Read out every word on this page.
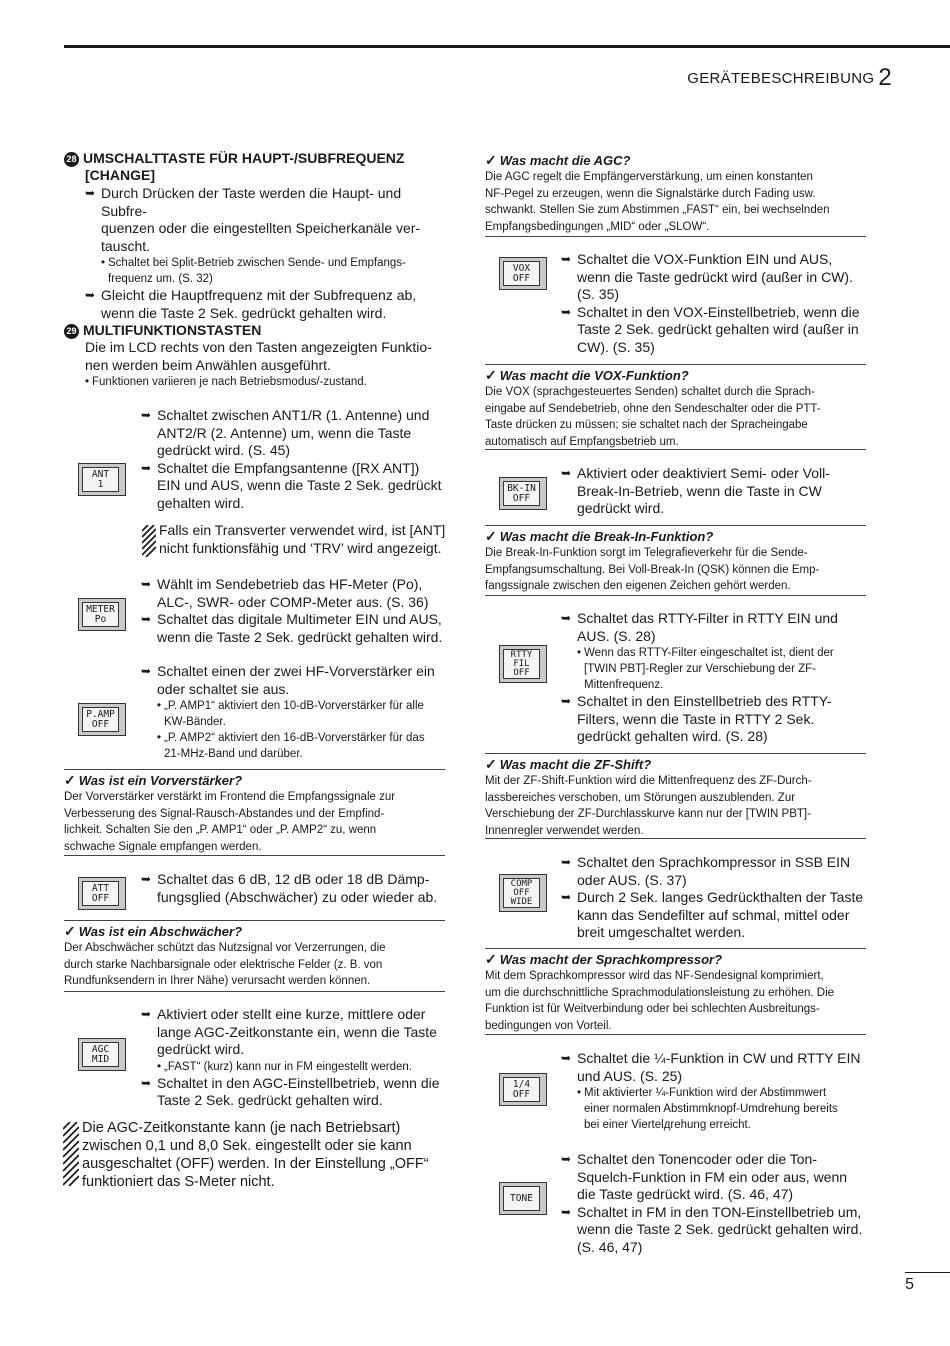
GERÄTEBESCHREIBUNG 2
28 UMSCHALTTASTE FÜR HAUPT-/SUBFREQUENZ
[CHANGE]
➥ Durch Drücken der Taste werden die Haupt- und Subfre-
quenzen oder die eingestellten Speicherkanäle ver-
tauscht.
• Schaltet bei Split-Betrieb zwischen Sende- und Empfangs-
frequenz um. (S. 32)
➥ Gleicht die Hauptfrequenz mit der Subfrequenz ab,
wenn die Taste 2 Sek. gedrückt gehalten wird.
29 MULTIFUNKTIONSTASTEN
Die im LCD rechts von den Tasten angezeigten Funktio-
nen werden beim Anwählen ausgeführt.
• Funktionen variieren je nach Betriebsmodus/-zustand.
ANT
1
➥ Schaltet zwischen ANT1/R (1. Antenne) und
ANT2/R (2. Antenne) um, wenn die Taste
gedrückt wird. (S. 45)
➥ Schaltet die Empfangsantenne ([RX ANT])
EIN und AUS, wenn die Taste 2 Sek. gedrückt
gehalten wird.
Falls ein Transverter verwendet wird, ist [ANT]
nicht funktionsfähig und ‘TRV’ wird angezeigt.
METER
Po
➥ Wählt im Sendebetrieb das HF-Meter (Po),
ALC-, SWR- oder COMP-Meter aus. (S. 36)
➥ Schaltet das digitale Multimeter EIN und AUS,
wenn die Taste 2 Sek. gedrückt gehalten wird.
P.AMP
OFF
➥ Schaltet einen der zwei HF-Vorverstärker ein
oder schaltet sie aus.
• „P. AMP1“ aktiviert den 10-dB-Vorverstärker für alle
KW-Bänder.
• „P. AMP2“ aktiviert den 16-dB-Vorverstärker für das
21-MHz-Band und darüber.
✓ Was ist ein Vorverstärker?
Der Vorverstärker verstärkt im Frontend die Empfangssignale zur
Verbesserung des Signal-Rausch-Abstandes und der Empfind-
lichkeit. Schalten Sie den „P. AMP1“ oder „P. AMP2“ zu, wenn
schwache Signale empfangen werden.
ATT
OFF
➥ Schaltet das 6 dB, 12 dB oder 18 dB Dämp-
fungsglied (Abschwächer) zu oder wieder ab.
✓ Was ist ein Abschwächer?
Der Abschwächer schützt das Nutzsignal vor Verzerrungen, die
durch starke Nachbarsignale oder elektrische Felder (z. B. von
Rundfunksendern in Ihrer Nähe) verursacht werden können.
AGC
MID
➥ Aktiviert oder stellt eine kurze, mittlere oder
lange AGC-Zeitkonstante ein, wenn die Taste
gedrückt wird.
• „FAST“ (kurz) kann nur in FM eingestellt werden.
➥ Schaltet in den AGC-Einstellbetrieb, wenn die
Taste 2 Sek. gedrückt gehalten wird.
Die AGC-Zeitkonstante kann (je nach Betriebsart)
zwischen 0,1 und 8,0 Sek. eingestellt oder sie kann
ausgeschaltet (OFF) werden. In der Einstellung „OFF“
funktioniert das S-Meter nicht.
✓ Was macht die AGC?
Die AGC regelt die Empfängerverstärkung, um einen konstanten
NF-Pegel zu erzeugen, wenn die Signalstärke durch Fading usw.
schwankt. Stellen Sie zum Abstimmen „FAST“ ein, bei wechselnden
Empfangsbedingungen „MID“ oder „SLOW“.
VOX
OFF
➥ Schaltet die VOX-Funktion EIN und AUS,
wenn die Taste gedrückt wird (außer in CW).
(S. 35)
➥ Schaltet in den VOX-Einstellbetrieb, wenn die
Taste 2 Sek. gedrückt gehalten wird (außer in
CW). (S. 35)
✓ Was macht die VOX-Funktion?
Die VOX (sprachgesteuertes Senden) schaltet durch die Sprach-
eingabe auf Sendebetrieb, ohne den Sendeschalter oder die PTT-
Taste drücken zu müssen; sie schaltet nach der Spracheingabe
automatisch auf Empfangsbetrieb um.
BK-IN
OFF
➥ Aktiviert oder deaktiviert Semi- oder Voll-
Break-In-Betrieb, wenn die Taste in CW
gedrückt wird.
✓ Was macht die Break-In-Funktion?
Die Break-In-Funktion sorgt im Telegrafieverkehr für die Sende-
Empfangsumschaltung. Bei Voll-Break-In (QSK) können die Emp-
fangssignale zwischen den eigenen Zeichen gehört werden.
RTTY
FIL
OFF
➥ Schaltet das RTTY-Filter in RTTY EIN und
AUS. (S. 28)
• Wenn das RTTY-Filter eingeschaltet ist, dient der
[TWIN PBT]-Regler zur Verschiebung der ZF-
Mittenfrequenz.
➥ Schaltet in den Einstellbetrieb des RTTY-
Filters, wenn die Taste in RTTY 2 Sek.
gedrückt gehalten wird. (S. 28)
✓ Was macht die ZF-Shift?
Mit der ZF-Shift-Funktion wird die Mittenfrequenz des ZF-Durch-
lassbereiches verschoben, um Störungen auszublenden. Zur
Verschiebung der ZF-Durchlasskurve kann nur der [TWIN PBT]-
Innenregler verwendet werden.
COMP
OFF
WIDE
➥ Schaltet den Sprachkompressor in SSB EIN
oder AUS. (S. 37)
➥ Durch 2 Sek. langes Gedrückthalten der Taste
kann das Sendefilter auf schmal, mittel oder
breit umgeschaltet werden.
✓ Was macht der Sprachkompressor?
Mit dem Sprachkompressor wird das NF-Sendesignal komprimiert,
um die durchschnittliche Sprachmodulationsleistung zu erhöhen. Die
Funktion ist für Weitverbindung oder bei schlechten Ausbreitungs-
bedingungen von Vorteil.
1/4
OFF
➥ Schaltet die ¼-Funktion in CW und RTTY EIN
und AUS. (S. 25)
• Mit aktivierter ¼-Funktion wird der Abstimmwert
einer normalen Abstimmknopf-Umdrehung bereits
bei einer Viertelдrehung erreicht.
TONE
➥ Schaltet den Tonencoder oder die Ton-
Squelch-Funktion in FM ein oder aus, wenn
die Taste gedrückt wird. (S. 46, 47)
➥ Schaltet in FM in den TON-Einstellbetrieb um,
wenn die Taste 2 Sek. gedrückt gehalten wird.
(S. 46, 47)
5
